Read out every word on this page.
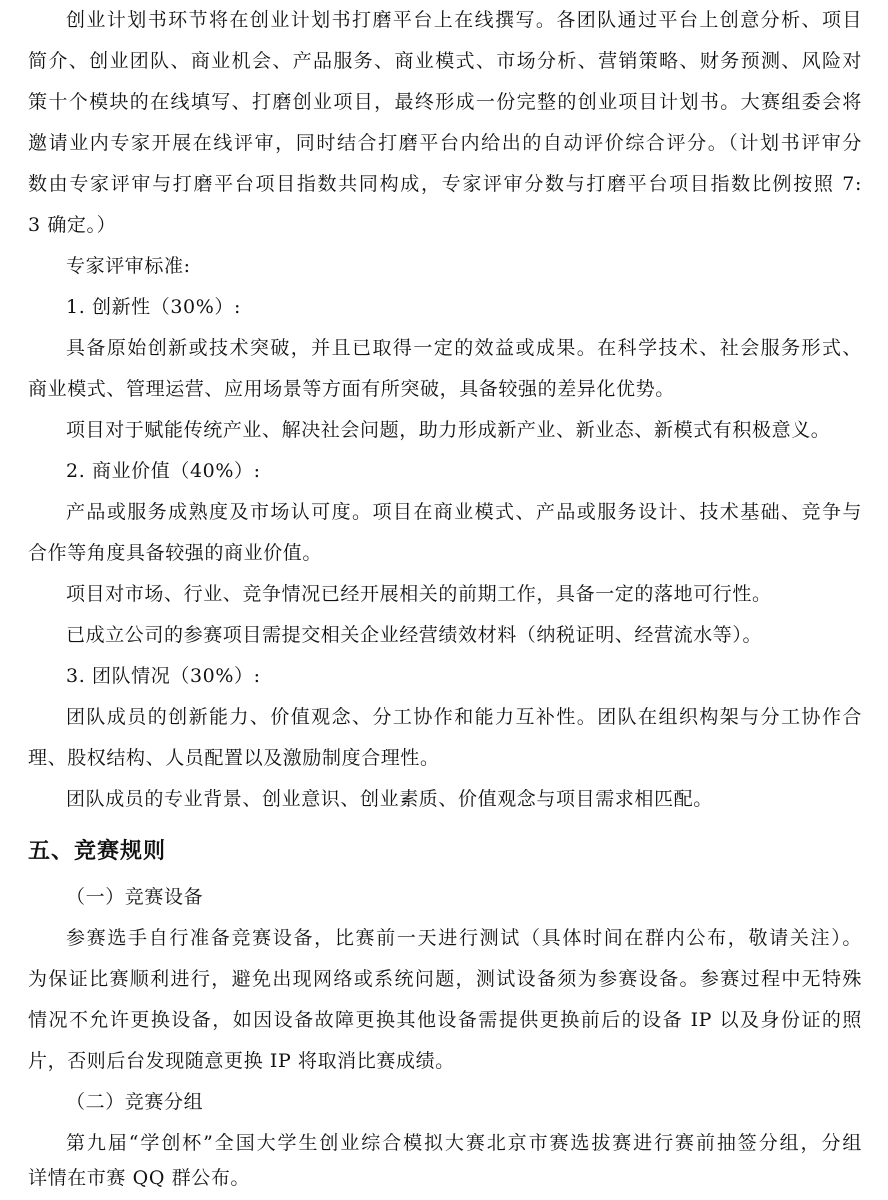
创业计划书环节将在创业计划书打磨平台上在线撰写。各团队通过平台上创意分析、项目
简介、创业团队、商业机会、产品服务、商业模式、市场分析、营销策略、财务预测、风险对
策十个模块的在线填写、打磨创业项目，最终形成一份完整的创业项目计划书。大赛组委会将
邀请业内专家开展在线评审，同时结合打磨平台内给出的自动评价综合评分。（计划书评审分
数由专家评审与打磨平台项目指数共同构成，专家评审分数与打磨平台项目指数比例按照 7:
3 确定。）
专家评审标准:
1. 创新性（30%）:
具备原始创新或技术突破，并且已取得一定的效益或成果。在科学技术、社会服务形式、
商业模式、管理运营、应用场景等方面有所突破，具备较强的差异化优势。
项目对于赋能传统产业、解决社会问题，助力形成新产业、新业态、新模式有积极意义。
2. 商业价值（40%）:
产品或服务成熟度及市场认可度。项目在商业模式、产品或服务设计、技术基础、竞争与
合作等角度具备较强的商业价值。
项目对市场、行业、竞争情况已经开展相关的前期工作，具备一定的落地可行性。
已成立公司的参赛项目需提交相关企业经营绩效材料（纳税证明、经营流水等）。
3. 团队情况（30%）:
团队成员的创新能力、价值观念、分工协作和能力互补性。团队在组织构架与分工协作合
理、股权结构、人员配置以及激励制度合理性。
团队成员的专业背景、创业意识、创业素质、价值观念与项目需求相匹配。
五、竞赛规则
（一）竞赛设备
参赛选手自行准备竞赛设备，比赛前一天进行测试（具体时间在群内公布，敬请关注）。
为保证比赛顺利进行，避免出现网络或系统问题，测试设备须为参赛设备。参赛过程中无特殊
情况不允许更换设备，如因设备故障更换其他设备需提供更换前后的设备 IP 以及身份证的照
片，否则后台发现随意更换 IP 将取消比赛成绩。
（二）竞赛分组
第九届“学创杯”全国大学生创业综合模拟大赛北京市赛选拔赛进行赛前抽签分组，分组
详情在市赛 QQ 群公布。
